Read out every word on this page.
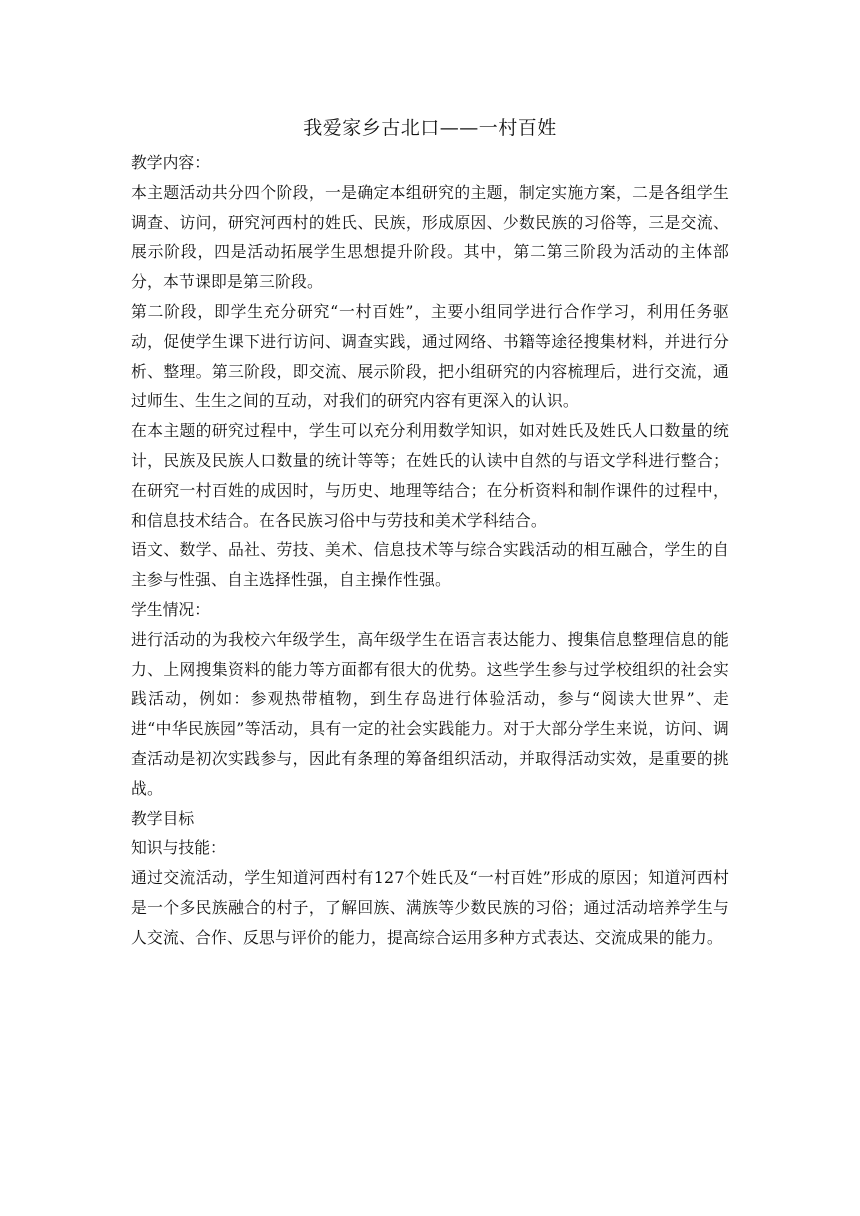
我爱家乡古北口——一村百姓

教学内容：

本主题活动共分四个阶段，一是确定本组研究的主题，制定实施方案，二是各组学生调查、访问，研究河西村的姓氏、民族，形成原因、少数民族的习俗等，三是交流、展示阶段，四是活动拓展学生思想提升阶段。其中，第二第三阶段为活动的主体部分，本节课即是第三阶段。

第二阶段，即学生充分研究“一村百姓”，主要小组同学进行合作学习，利用任务驱动，促使学生课下进行访问、调查实践，通过网络、书籍等途径搜集材料，并进行分析、整理。第三阶段，即交流、展示阶段，把小组研究的内容梳理后，进行交流，通过师生、生生之间的互动，对我们的研究内容有更深入的认识。

在本主题的研究过程中，学生可以充分利用数学知识，如对姓氏及姓氏人口数量的统计，民族及民族人口数量的统计等等；在姓氏的认读中自然的与语文学科进行整合；在研究一村百姓的成因时，与历史、地理等结合；在分析资料和制作课件的过程中，和信息技术结合。在各民族习俗中与劳技和美术学科结合。

语文、数学、品社、劳技、美术、信息技术等与综合实践活动的相互融合，学生的自主参与性强、自主选择性强，自主操作性强。

学生情况：

进行活动的为我校六年级学生，高年级学生在语言表达能力、搜集信息整理信息的能力、上网搜集资料的能力等方面都有很大的优势。这些学生参与过学校组织的社会实践活动，例如：参观热带植物，到生存岛进行体验活动，参与“阅读大世界”、走进“中华民族园”等活动，具有一定的社会实践能力。对于大部分学生来说，访问、调查活动是初次实践参与，因此有条理的筹备组织活动，并取得活动实效，是重要的挑战。

教学目标

知识与技能：

通过交流活动，学生知道河西村有127个姓氏及“一村百姓”形成的原因；知道河西村是一个多民族融合的村子，了解回族、满族等少数民族的习俗；通过活动培养学生与人交流、合作、反思与评价的能力，提高综合运用多种方式表达、交流成果的能力。
